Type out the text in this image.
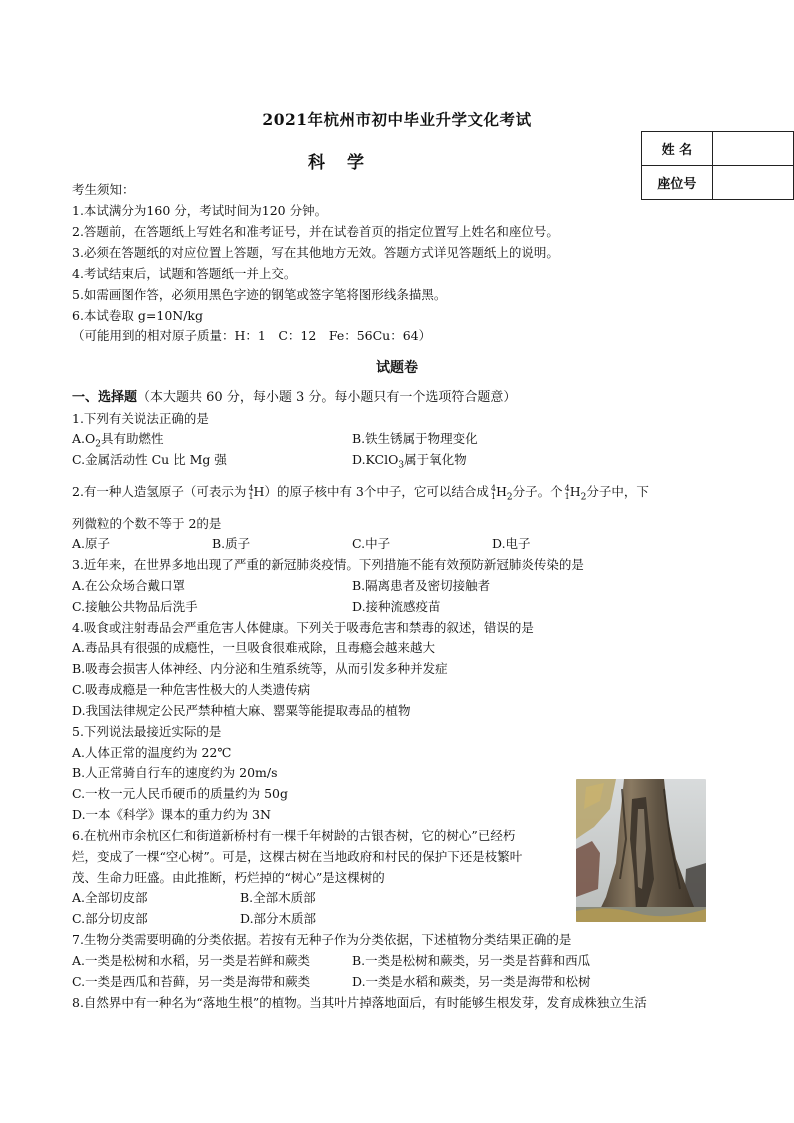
2021年杭州市初中毕业升学文化考试
科学
姓 名	
座位号	
考生须知：
1.本试满分为160 分，考试时间为120 分钟。
2.答题前，在答题纸上写姓名和准考证号，并在试卷首页的指定位置写上姓名和座位号。
3.必须在答题纸的对应位置上答题，写在其他地方无效。答题方式详见答题纸上的说明。
4.考试结束后，试题和答题纸一并上交。
5.如需画图作答，必须用黑色字迹的钢笔或签字笔将图形线条描黑。
6.本试卷取 g=10N/kg
（可能用到的相对原子质量：H：1　C：12　Fe：56Cu：64）
试题卷
一、选择题（本大题共 60 分，每小题 3 分。每小题只有一个选项符合题意）
1.下列有关说法正确的是
$A.O_2$具有助燃性	B.铁生锈属于物理变化
C.金属活动性 Cu 比 Mg 强	D.KClO$_3$属于氧化物
2.有一种人造氢原子（可表示为 4
1 H）的原子核中有 3个中子，它可以结合成 4
1 $H_2$分子。个 4
1 $H_2$分子中，下
列微粒的个数不等于 2的是
A.原子	B.质子	C.中子	D.电子
3.近年来，在世界多地出现了严重的新冠肺炎疫情。下列措施不能有效预防新冠肺炎传染的是
A.在公众场合戴口罩	B.隔离患者及密切接触者
C.接触公共物品后洗手	D.接种流感疫苗
4.吸食或注射毒品会严重危害人体健康。下列关于吸毒危害和禁毒的叙述，错误的是
A.毒品具有很强的成瘾性，一旦吸食很难戒除，且毒瘾会越来越大
B.吸毒会损害人体神经、内分泌和生殖系统等，从而引发多种并发症
C.吸毒成瘾是一种危害性极大的人类遗传病
D.我国法律规定公民严禁种植大麻、罂粟等能提取毒品的植物
5.下列说法最接近实际的是
A.人体正常的温度约为 22℃
B.人正常骑自行车的速度约为 20m/s
C.一枚一元人民币硬币的质量约为 50g
D.一本《科学》课本的重力约为 3N
6.在杭州市余杭区仁和街道新桥村有一棵千年树龄的古银杏树，它的树心”已经朽
烂，变成了一棵“空心树”。可是，这棵古树在当地政府和村民的保护下还是枝繁叶
茂、生命力旺盛。由此推断，朽烂掉的“树心”是这棵树的
A.全部切皮部	B.全部木质部
C.部分切皮部	D.部分木质部
7.生物分类需要明确的分类依据。若按有无种子作为分类依据，下述植物分类结果正确的是
A.一类是松树和水稻，另一类是若鲜和蕨类	B.一类是松树和蕨类，另一类是苔藓和西瓜
C.一类是西瓜和苔藓，另一类是海带和蕨类	D.一类是水稻和蕨类，另一类是海带和松树
8.自然界中有一种名为“落地生根”的植物。当其叶片掉落地面后，有时能够生根发芽，发育成株独立生活
